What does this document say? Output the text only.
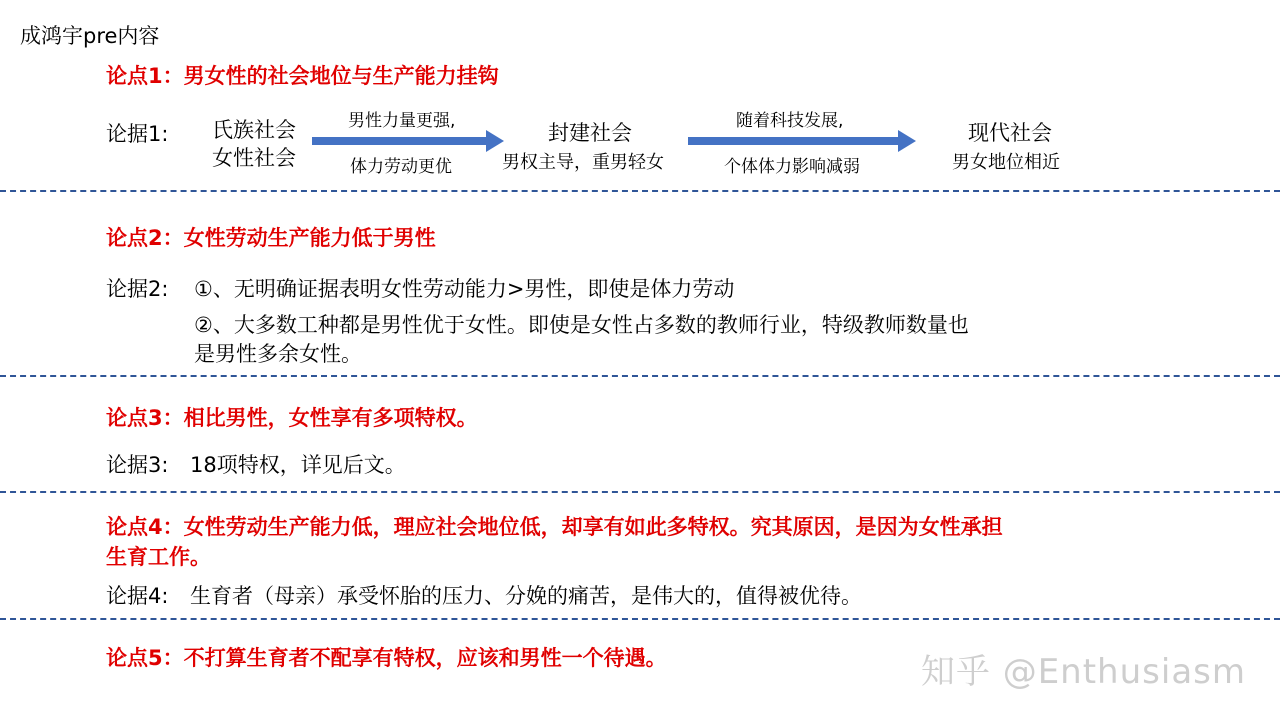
成鸿宇pre内容
论点1：男女性的社会地位与生产能力挂钩
论据1:	氏族社会
女性社会
男性力量更强,
体力劳动更优
封建社会
男权主导，重男轻女
随着科技发展,
个体体力影响减弱
现代社会
男女地位相近
论点2：女性劳动生产能力低于男性
论据2: ①、无明确证据表明女性劳动能力>男性，即使是体力劳动
②、大多数工种都是男性优于女性。即使是女性占多数的教师行业，特级教师数量也
是男性多余女性。
论点3：相比男性，女性享有多项特权。
论据3: 18项特权，详见后文。
论点4：女性劳动生产能力低，理应社会地位低，却享有如此多特权。究其原因，是因为女性承担
生育工作。
论据4: 生育者（母亲）承受怀胎的压力、分娩的痛苦，是伟大的，值得被优待。
论点5：不打算生育者不配享有特权，应该和男性一个待遇。	知乎 @Enthusiasm
